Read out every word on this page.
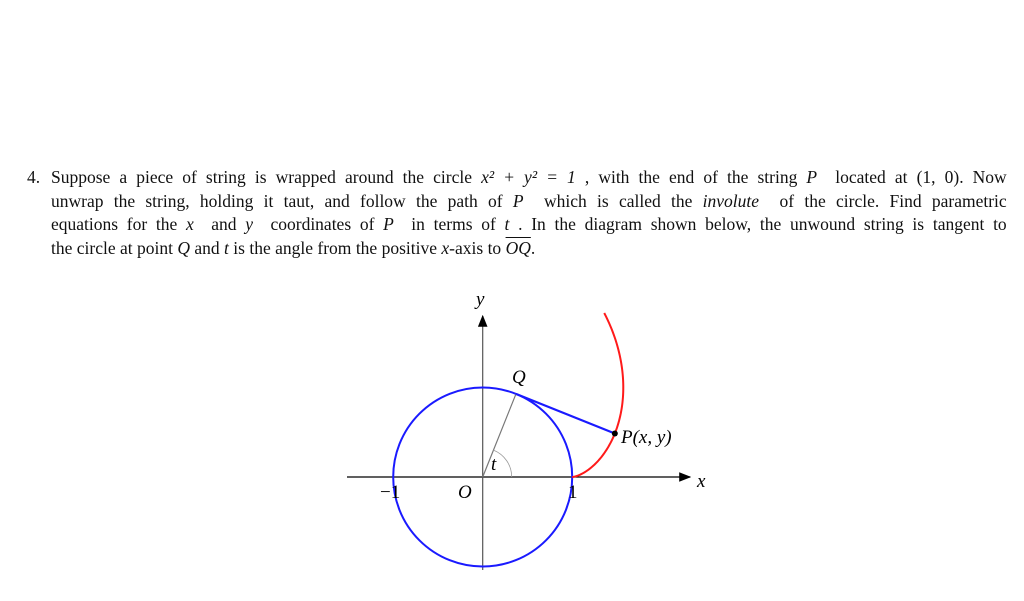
4. Suppose a piece of string is wrapped around the circle x² + y² = 1 , with the end of the string P located at (1, 0). Now
unwrap the string, holding it taut, and follow the path of P which is called the involute of the circle. Find parametric
equations for the x and y coordinates of P in terms of t . In the diagram shown below, the unwound string is tangent to
the circle at point Q
and t
is the angle from the positive x -axis to $\overline{OQ}$ .
y
x
O
−1	1
Q
P(x, y)
t
